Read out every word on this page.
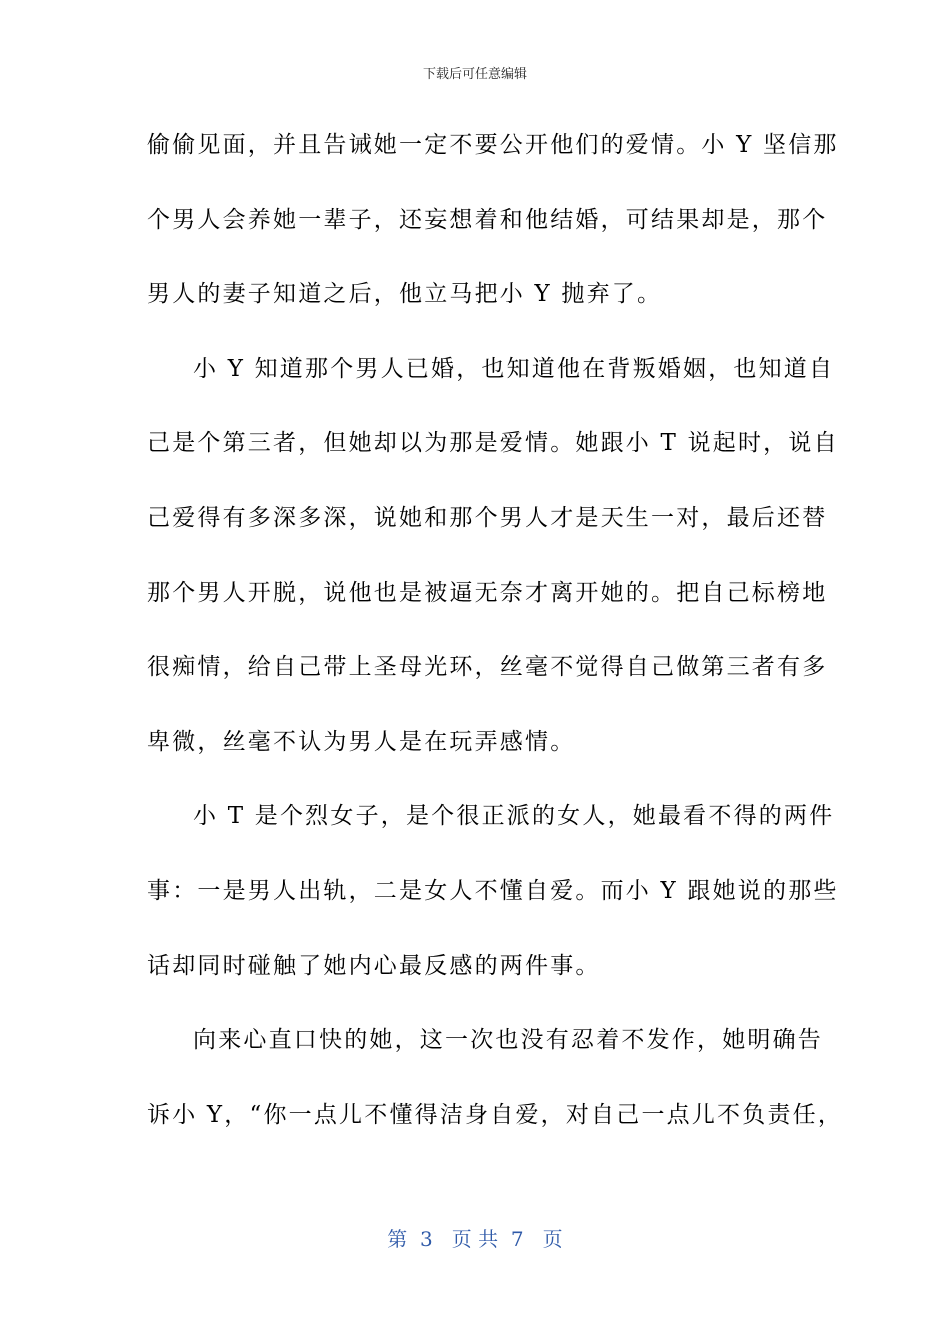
下载后可任意编辑
偷偷见面，并且告诫她一定不要公开他们的爱情。小 Y 坚信那
个男人会养她一辈子，还妄想着和他结婚，可结果却是，那个
男人的妻子知道之后，他立马把小 Y 抛弃了。
小 Y 知道那个男人已婚，也知道他在背叛婚姻，也知道自
己是个第三者，但她却以为那是爱情。她跟小 T 说起时，说自
己爱得有多深多深，说她和那个男人才是天生一对，最后还替
那个男人开脱，说他也是被逼无奈才离开她的。把自己标榜地
很痴情，给自己带上圣母光环，丝毫不觉得自己做第三者有多
卑微，丝毫不认为男人是在玩弄感情。
小 T 是个烈女子，是个很正派的女人，她最看不得的两件
事：一是男人出轨，二是女人不懂自爱。而小 Y 跟她说的那些
话却同时碰触了她内心最反感的两件事。
向来心直口快的她，这一次也没有忍着不发作，她明确告
诉小 Y，“你一点儿不懂得洁身自爱，对自己一点儿不负责任，
第  3   页 共  7   页
